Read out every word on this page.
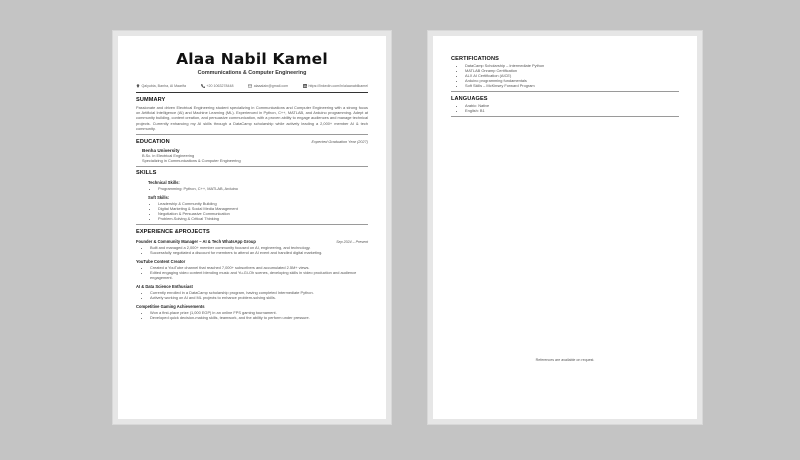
Alaa Nabil Kamel
Communications & Computer Engineering
Qalyubia, Banha, Al Maarifa	+20 1063278448	alaaalain@gmail.com	https://linkedin.com/in/alaanabilkamel
SUMMARY
Passionate and driven Electrical Engineering student specializing in Communications and Computer Engineering with a strong focus on Artificial Intelligence (AI) and Machine Learning (ML). Experienced in Python, C++, MATLAB, and Arduino programming. Adept at community building, content creation, and persuasive communication, with a proven ability to engage audiences and manage technical projects. Currently enhancing my AI skills through a DataCamp scholarship while actively leading a 2,000+ member AI & tech community.
EDUCATION	Expected Graduation Year (2027)
Benha University
B.Sc. in Electrical Engineering
Specializing in Communications & Computer Engineering
SKILLS
Technical Skills:
• Programming: Python, C++, MATLAB, Arduino
Soft Skills:
• Leadership & Community Building
• Digital Marketing & Social Media Management
• Negotiation & Persuasive Communication
• Problem-Solving & Critical Thinking
EXPERIENCE &PROJECTS
Founder & Community Manager – AI & Tech WhatsApp Group	Sep 2024 – Present
• Built and managed a 2,000+ member community focused on AI, engineering, and technology.
• Successfully negotiated a discount for members to attend an AI event and handled digital marketing.
YouTube Content Creator
• Created a YouTube channel that reached 7,000+ subscribers and accumulated 2.5M+ views.
• Edited engaging video content blending music and Yu-Gi-Oh scenes, developing skills in video production and audience engagement.
AI & Data Science Enthusiast
• Currently enrolled in a DataCamp scholarship program, having completed Intermediate Python.
• Actively working on AI and ML projects to enhance problem-solving skills.
Competitive Gaming Achievements
• Won a first-place prize (1,000 EGP) in an online FPS gaming tournament.
• Developed quick decision-making skills, teamwork, and the ability to perform under pressure.
CERTIFICATIONS
• DataCamp Scholarship – Intermediate Python
• MATLAB Onramp Certification
• ALX AI Certification (AICE)
• Arduino programming fundamentals
• Soft Skills – McKinsey Forward Program
LANGUAGES
• Arabic: Native
• English: B1
References are available on request.
